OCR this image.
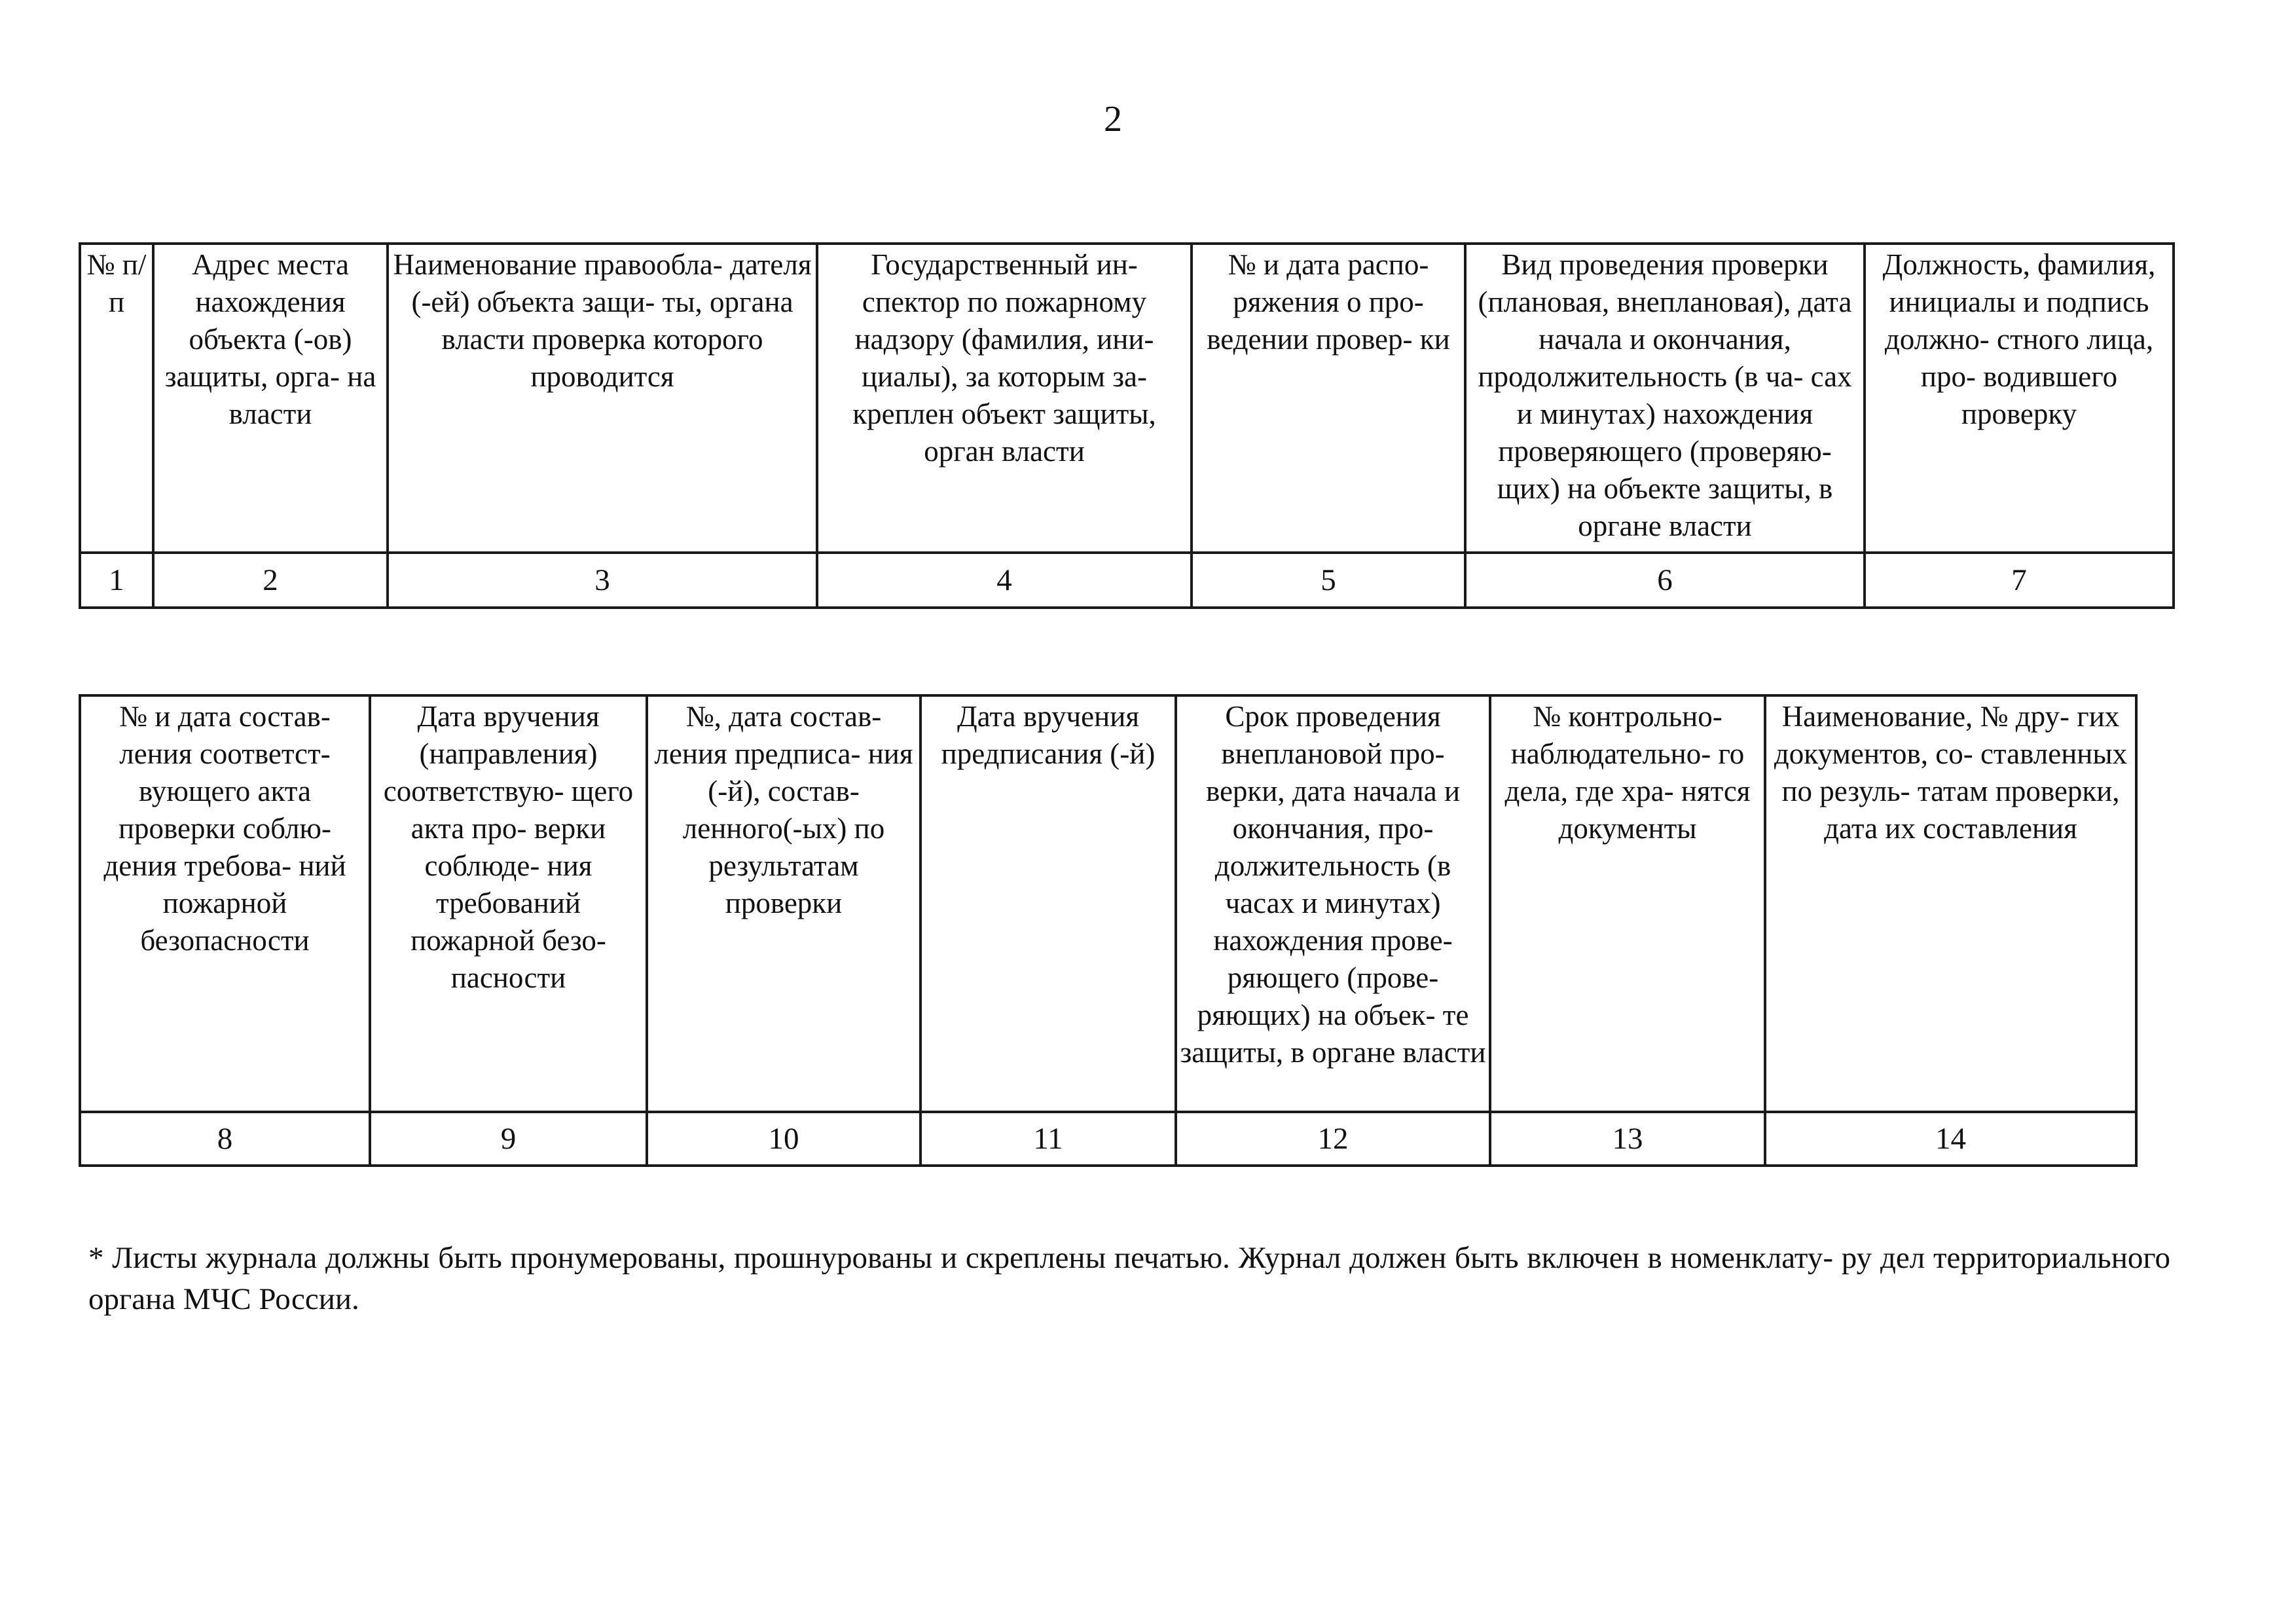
2
№ п/ п	Адрес места нахождения объекта (-ов) защиты, орга- на власти	Наименование правообла- дателя (-ей) объекта защи- ты, органа власти проверка которого проводится	Государственный ин- спектор по пожарному надзору (фамилия, ини- циалы), за которым за- креплен объект защиты, орган власти	№ и дата распо- ряжения о про- ведении провер- ки	Вид проведения проверки (плановая, внеплановая), дата начала и окончания, продолжительность (в ча- сах и минутах) нахождения проверяющего (проверяю- щих) на объекте защиты, в органе власти	Должность, фамилия, инициалы и подпись должно- стного лица, про- водившего проверку
1	2	3	4	5	6	7
№ и дата состав- ления соответст- вующего акта проверки соблю- дения требова- ний пожарной безопасности	Дата вручения (направления) соответствую- щего акта про- верки соблюде- ния требований пожарной безо- пасности	№, дата состав- ления предписа- ния (-й), состав- ленного(-ых) по результатам проверки	Дата вручения предписания (-й)	Срок проведения внеплановой про- верки, дата начала и окончания, про- должительность (в часах и минутах) нахождения прове- ряющего (прове- ряющих) на объек- те защиты, в органе власти	№ контрольно- наблюдательно- го дела, где хра- нятся документы	Наименование, № дру- гих документов, со- ставленных по резуль- татам проверки, дата их составления
8	9	10	11	12	13	14
* Листы журнала должны быть пронумерованы, прошнурованы и скреплены печатью. Журнал должен быть включен в номенклату- ру дел территориального органа МЧС России.
